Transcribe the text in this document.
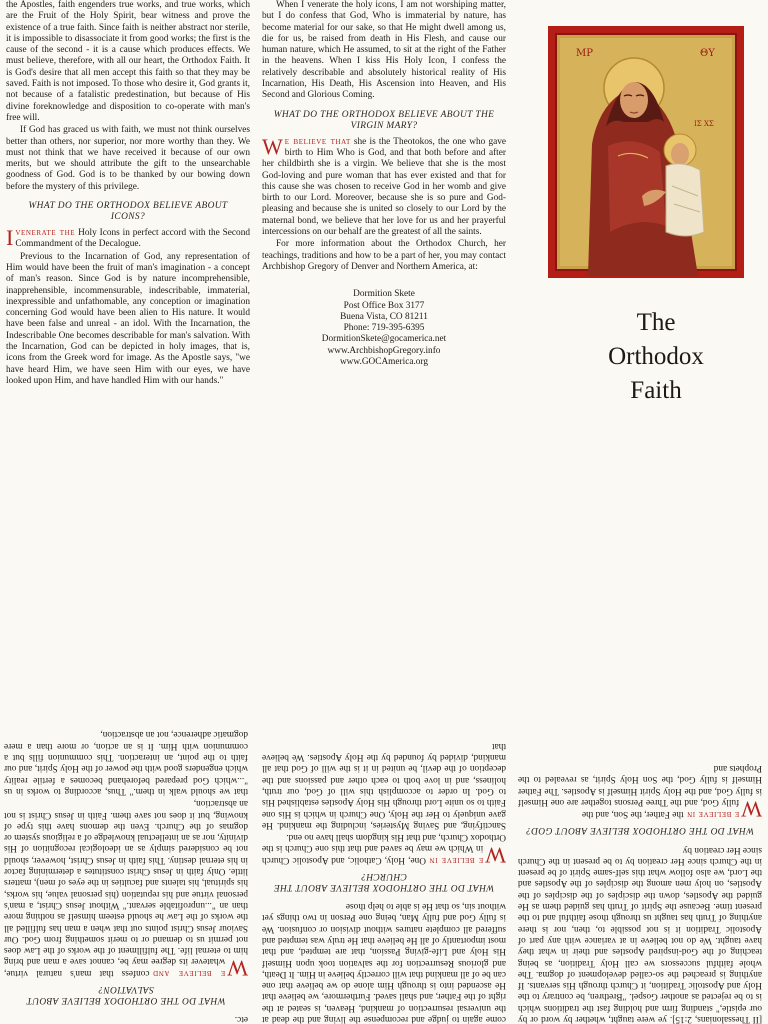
the Apostles, faith engenders true works, and true works, which are the Fruit of the Holy Spirit, bear witness and prove the existence of a true faith. Since faith is neither abstract nor sterile, it is impossible to disassociate it from good works; the first is the cause of the second - it is a cause which produces effects. We must believe, therefore, with all our heart, the Orthodox Faith. It is God's desire that all men accept this faith so that they may be saved. Faith is not imposed. To those who desire it, God grants it, not because of a fatalistic predestination, but because of His divine foreknowledge and disposition to co-operate with man's free will.

If God has graced us with faith, we must not think ourselves better than others, nor superior, nor more worthy than they. We must not think that we have received it because of our own merits, but we should attribute the gift to the unsearchable goodness of God. God is to be thanked by our bowing down before the mystery of this privilege.

WHAT DO THE ORTHODOX BELIEVE ABOUT ICONS?

Ivenerate the Holy Icons in perfect accord with the Second Commandment of the Decalogue.

Previous to the Incarnation of God, any representation of Him would have been the fruit of man's imagination - a concept of man's reason. Since God is by nature incomprehensible, inapprehensible, incommensurable, indescribable, immaterial, inexpressible and unfathomable, any conception or imagination concerning God would have been alien to His nature. It would have been false and unreal - an idol. With the Incarnation, the Indescribable One becomes describable for man's salvation. With the Incarnation, God can be depicted in holy images, that is, icons from the Greek word for image. As the Apostle says, "we have heard Him, we have seen Him with our eyes, we have looked upon Him, and have handled Him with our hands."

When I venerate the holy icons, I am not worshiping matter, but I do confess that God, Who is immaterial by nature, has become material for our sake, so that He might dwell among us, die for us, be raised from death in His Flesh, and cause our human nature, which He assumed, to sit at the right of the Father in the heavens. When I kiss His Holy Icon, I confess the relatively describable and absolutely historical reality of His Incarnation, His Death, His Ascension into Heaven, and His Second and Glorious Coming.

WHAT DO THE ORTHODOX BELIEVE ABOUT THE VIRGIN MARY?

We believe that she is the Theotokos, the one who gave birth to Him Who is God, and that both before and after her childbirth she is a virgin. We believe that she is the most God-loving and pure woman that has ever existed and that for this cause she was chosen to receive God in her womb and give birth to our Lord. Moreover, because she is so pure and God-pleasing and because she is united so closely to our Lord by the maternal bond, we believe that her love for us and her prayerful intercessions on our behalf are the greatest of all the saints.

For more information about the Orthodox Church, her teachings, traditions and how to be a part of her, you may contact Archbishop Gregory of Denver and Northern America, at:

Dormition Skete
Post Office Box 3177
Buena Vista, CO 81211
Phone: 719-395-6395
DormitionSkete@gocamerica.net
www.ArchbishopGregory.info
www.GOCAmerica.org
ΜΡ	ΘΥ
ΙΣ ΧΣ
The
Orthodox
Faith

[II Thessalonians, 2:15]. ye were taught, whether by word or by our epistle," standing firm and holding fast the traditions which is to be rejected as another Gospel. "Brethren, be contrary to the Holy and Apostolic Tradition, it Church through His servants. If anything is preached the so-called development of dogma. The whole faithful successors we call Holy Tradition, as being teaching of the God-inspired Apostles and their in what they have taught. We do not believe in at variance with any part of Apostolic Tradition it is not possible to, then, nor is there anything of Truth has taught us through those faithful and to the present time. Because the Spirit of Truth has guided them as He guided the Apostles, down the disciples of the disciples of the Apostles, on holy men among the disciples of the Apostles and the Lord, we also follow what this self-same Spirit of be present in the Church since Her creation by to be present in the Church since Her creation by

WHAT DO THE ORTHODOX BELIEVE ABOUT GOD?

W
e believe inthe Father, the Son, and the

fully God, and the Three Persons together are one Himself is fully God, and the Holy Spirit Himself is Apostles. The Father Himself is fully God, the Son Holy Spirit, as revealed to the Prophets and

come again to judge and recompense the living and the dead at the universal resurrection of mankind, Heaven, is seated at the right of the Father, and shall saved. Furthermore, we believe that He ascended into is through Him alone do we believe that one can be of all mankind that will correctly believe in Him. It Death, and glorious Resurrection for the salvation took upon Himself His Holy and Life-giving Passion, that are tempted, and that most importantly of all He believe that He truly was tempted and suffered all complete natures without division or confusion. We is fully God and fully Man, being one Person in two things yet without sin, so that He is able to help those

WHAT DO THE ORTHODOX BELIEVE ABOUT THE CHURCH?

W
e believe inOne, Holy, Catholic, and Apostolic Church in Which we may be saved and that this one Church is the Orthodox Church, and that His kingdom shall have no end.

Sanctifying, and Saving Mysteries, including the mankind. He gave uniquely to Her the Holy, One Church in which is His one Faith to so unite Lord through His Holy Apostles established His to God. In order to accomplish this will of God, our truth, holiness, and in love both to each other and passions and the deception of the devil, be united in it is the will of God that all mankind, divided by founded by the Holy Apostles. We believe that

etc.

WHAT DO THE ORTHODOX BELIEVE ABOUT SALVATION?

W
e believe andconfess that man's natural virtue, whatever its degree may be, cannot save a man and bring him to eternal life. The fulfillment of the works of the Law does not permit us to demand or to merit something from God. Our Saviour Jesus Christ points out that when a man has fulfilled all the works of the Law he should esteem himself as nothing more than an "...unprofitable servant." Without Jesus Christ, a man's personal virtue and his reputation (his personal value, his works, his spiritual, his talents and faculties in the eyes of men), matters little. Only faith in Jesus Christ constitutes a determining factor in his eternal destiny. This faith in Jesus Christ, however, should not be considered simply as an ideological recognition of His divinity, nor as an intellectual knowledge of a religious system or dogmas of the Church. Even the demons have this type of knowing, but it does not save them. Faith in Jesus Christ is not an abstraction,

that we should walk in them." Thus, according to works in us "...which God prepared beforehand becomes a fertile reality which engenders good with the power of the Holy Spirit, and our faith to the point, an interaction. This communion fills but a communion with Him. It is an action, or more than a mere dogmatic adherence, not an abstraction,
